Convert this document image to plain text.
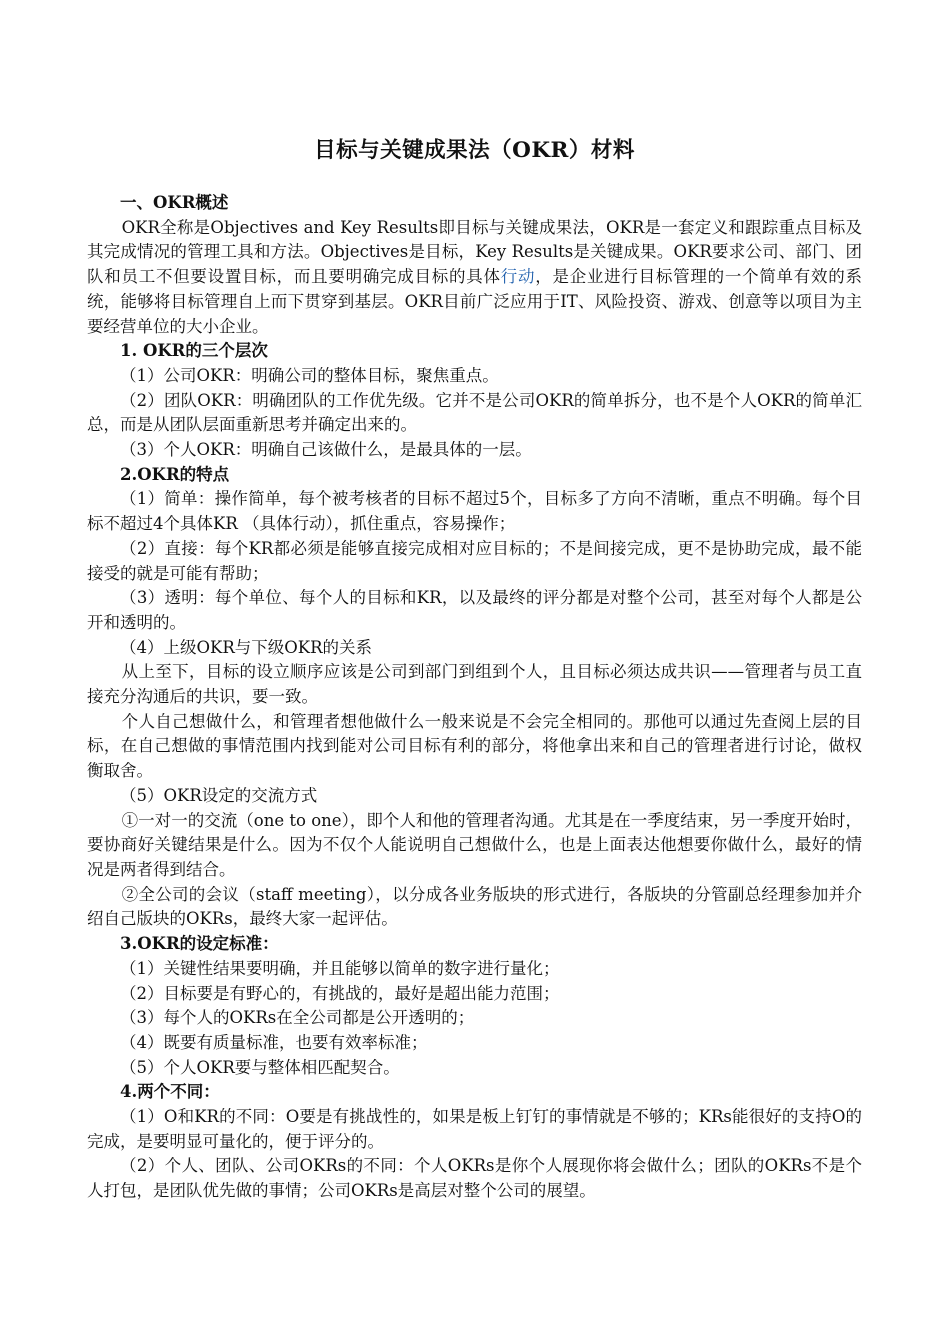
目标与关键成果法（OKR）材料

一、OKR概述

OKR全称是Objectives and Key Results即目标与关键成果法，OKR是一套定义和跟踪重点目标及其完成情况的管理工具和方法。Objectives是目标，Key Results是关键成果。OKR要求公司、部门、团队和员工不但要设置目标，而且要明确完成目标的具体行动，是企业进行目标管理的一个简单有效的系统，能够将目标管理自上而下贯穿到基层。OKR目前广泛应用于IT、风险投资、游戏、创意等以项目为主要经营单位的大小企业。

1. OKR的三个层次

（1）公司OKR：明确公司的整体目标，聚焦重点。

（2）团队OKR：明确团队的工作优先级。它并不是公司OKR的简单拆分，也不是个人OKR的简单汇总，而是从团队层面重新思考并确定出来的。

（3）个人OKR：明确自己该做什么，是最具体的一层。

2.OKR的特点

（1）简单：操作简单，每个被考核者的目标不超过5个，目标多了方向不清晰，重点不明确。每个目标不超过4个具体KR （具体行动），抓住重点，容易操作；

（2）直接：每个KR都必须是能够直接完成相对应目标的；不是间接完成，更不是协助完成，最不能接受的就是可能有帮助；

（3）透明：每个单位、每个人的目标和KR，以及最终的评分都是对整个公司，甚至对每个人都是公开和透明的。

（4）上级OKR与下级OKR的关系

从上至下，目标的设立顺序应该是公司到部门到组到个人，且目标必须达成共识——管理者与员工直接充分沟通后的共识，要一致。

个人自己想做什么，和管理者想他做什么一般来说是不会完全相同的。那他可以通过先查阅上层的目标，在自己想做的事情范围内找到能对公司目标有利的部分，将他拿出来和自己的管理者进行讨论，做权衡取舍。

（5）OKR设定的交流方式

①一对一的交流（one to one），即个人和他的管理者沟通。尤其是在一季度结束，另一季度开始时，要协商好关键结果是什么。因为不仅个人能说明自己想做什么，也是上面表达他想要你做什么，最好的情况是两者得到结合。

②全公司的会议（staff meeting），以分成各业务版块的形式进行，各版块的分管副总经理参加并介绍自己版块的OKRs，最终大家一起评估。

3.OKR的设定标准：

（1）关键性结果要明确，并且能够以简单的数字进行量化；

（2）目标要是有野心的，有挑战的，最好是超出能力范围；

（3）每个人的OKRs在全公司都是公开透明的；

（4）既要有质量标准，也要有效率标准；

（5）个人OKR要与整体相匹配契合。

4.两个不同：

（1）O和KR的不同：O要是有挑战性的，如果是板上钉钉的事情就是不够的；KRs能很好的支持O的完成，是要明显可量化的，便于评分的。

（2）个人、团队、公司OKRs的不同：个人OKRs是你个人展现你将会做什么；团队的OKRs不是个人打包，是团队优先做的事情；公司OKRs是高层对整个公司的展望。
